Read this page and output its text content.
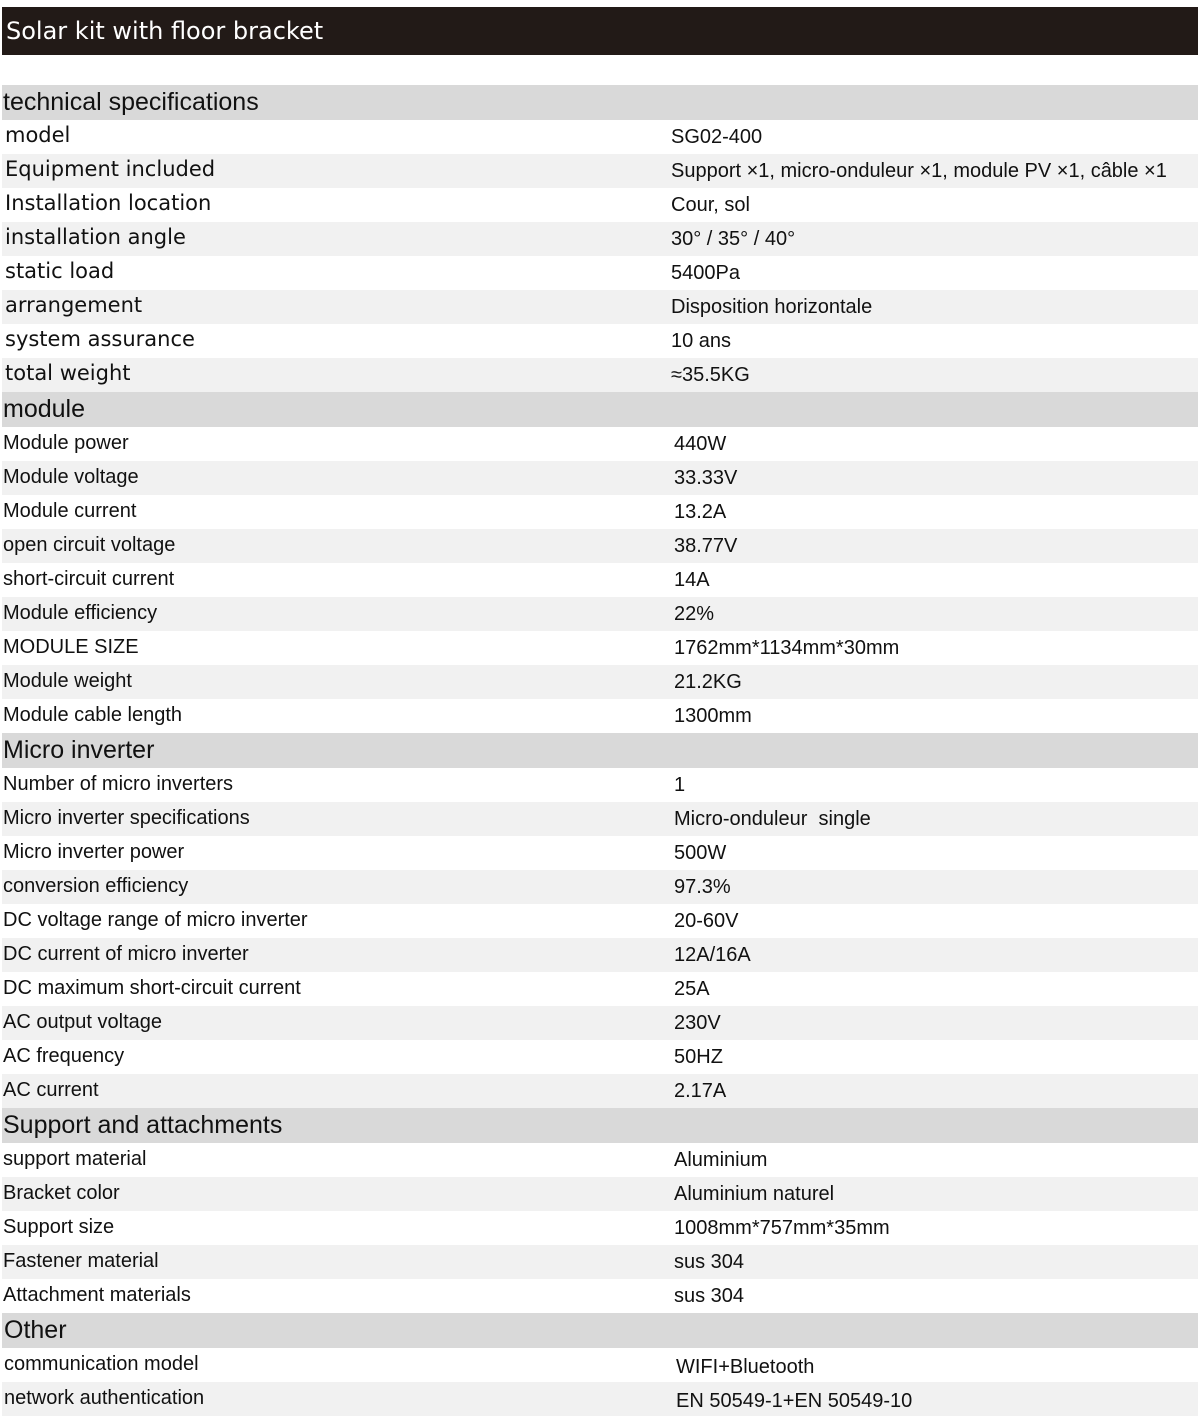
Solar kit with floor bracket
technical specifications
model	SG02-400
Equipment included	Support ×1, micro-onduleur ×1, module PV ×1, câble ×1
Installation location	Cour, sol
installation angle	30° / 35° / 40°
static load	5400Pa
arrangement	Disposition horizontale
system assurance	10 ans
total weight	≈35.5KG
module
Module power	440W
Module voltage	33.33V
Module current	13.2A
open circuit voltage	38.77V
short-circuit current	14A
Module efficiency	22%
MODULE SIZE	1762mm*1134mm*30mm
Module weight	21.2KG
Module cable length	1300mm
Micro inverter
Number of micro inverters	1
Micro inverter specifications	Micro-onduleur  single
Micro inverter power	500W
conversion efficiency	97.3%
DC voltage range of micro inverter	20-60V
DC current of micro inverter	12A/16A
DC maximum short-circuit current	25A
AC output voltage	230V
AC frequency	50HZ
AC current	2.17A
Support and attachments
support material	Aluminium
Bracket color	Aluminium naturel
Support size	1008mm*757mm*35mm
Fastener material	sus 304
Attachment materials	sus 304
Other
communication model	WIFI+Bluetooth
network authentication	EN 50549-1+EN 50549-10
